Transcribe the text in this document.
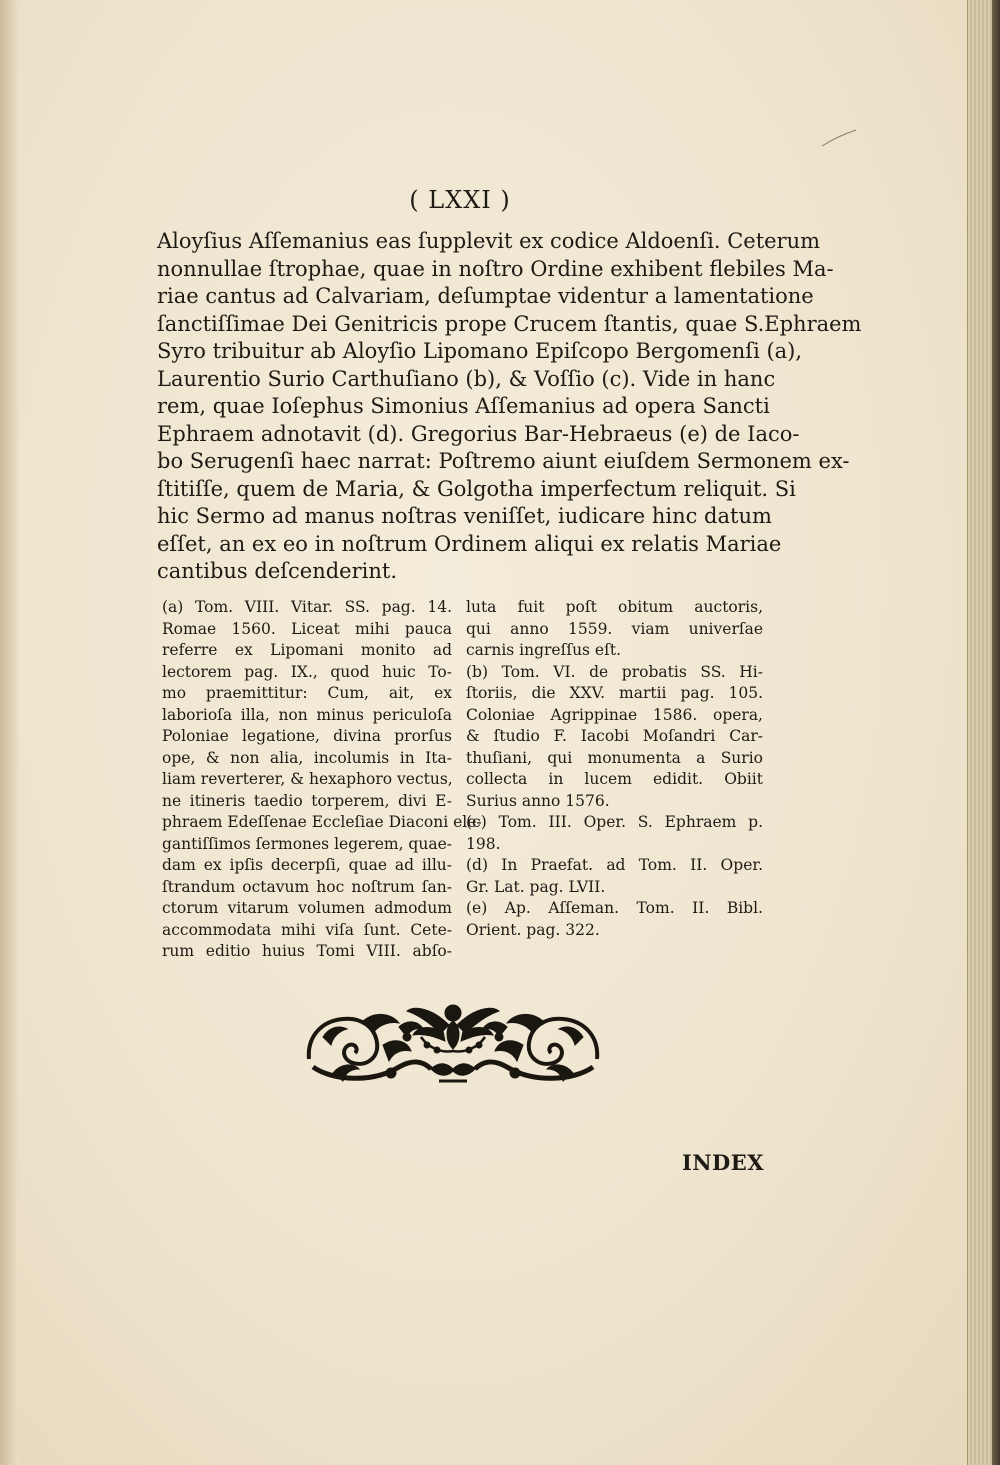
( LXXI )
Aloyſius Aſſemanius eas ſupplevit ex codice Aldoenſi. Ceterum
nonnullae ſtrophae, quae in noſtro Ordine exhibent flebiles Ma-
riae cantus ad Calvariam, deſumptae videntur a lamentatione
ſanctiſſimae Dei Genitricis prope Crucem ſtantis, quae S.Ephraem
Syro tribuitur ab Aloyſio Lipomano Epiſcopo Bergomenſi (a),
Laurentio Surio Carthuſiano (b), & Voſſio (c). Vide in hanc
rem, quae Ioſephus Simonius Aſſemanius ad opera Sancti
Ephraem adnotavit (d). Gregorius Bar-Hebraeus (e) de Iaco-
bo Serugenſi haec narrat: Poſtremo aiunt eiuſdem Sermonem ex-
ſtitiſſe, quem de Maria, & Golgotha imperfectum reliquit. Si
hic Sermo ad manus noſtras veniſſet, iudicare hinc datum
eſſet, an ex eo in noſtrum Ordinem aliqui ex relatis Mariae
cantibus deſcenderint.
(a) Tom. VIII. Vitar. SS. pag. 14.
Romae 1560. Liceat mihi pauca
referre ex Lipomani monito ad
lectorem pag. IX., quod huic To-
mo praemittitur: Cum, ait, ex
laborioſa illa, non minus periculoſa
Poloniae legatione, divina prorſus
ope, & non alia, incolumis in Ita-
liam reverterer, & hexaphoro vectus,
ne itineris taedio torperem, divi E-
phraem Edeſſenae Eccleſiae Diaconi ele-
gantiſſimos ſermones legerem, quae-
dam ex ipſis decerpſi, quae ad illu-
ſtrandum octavum hoc noſtrum ſan-
ctorum vitarum volumen admodum
accommodata mihi viſa ſunt. Cete-
rum editio huius Tomi VIII. abſo-
luta fuit poſt obitum auctoris,
qui anno 1559. viam univerſae
carnis ingreſſus eſt.
(b) Tom. VI. de probatis SS. Hi-
ſtoriis, die XXV. martii pag. 105.
Coloniae Agrippinae 1586. opera,
& ſtudio F. Iacobi Moſandri Car-
thuſiani, qui monumenta a Surio
collecta in lucem edidit. Obiit
Surius anno 1576.
(c) Tom. III. Oper. S. Ephraem p.
198.
(d) In Praefat. ad Tom. II. Oper.
Gr. Lat. pag. LVII.
(e) Ap. Aſſeman. Tom. II. Bibl.
Orient. pag. 322.
INDEX
